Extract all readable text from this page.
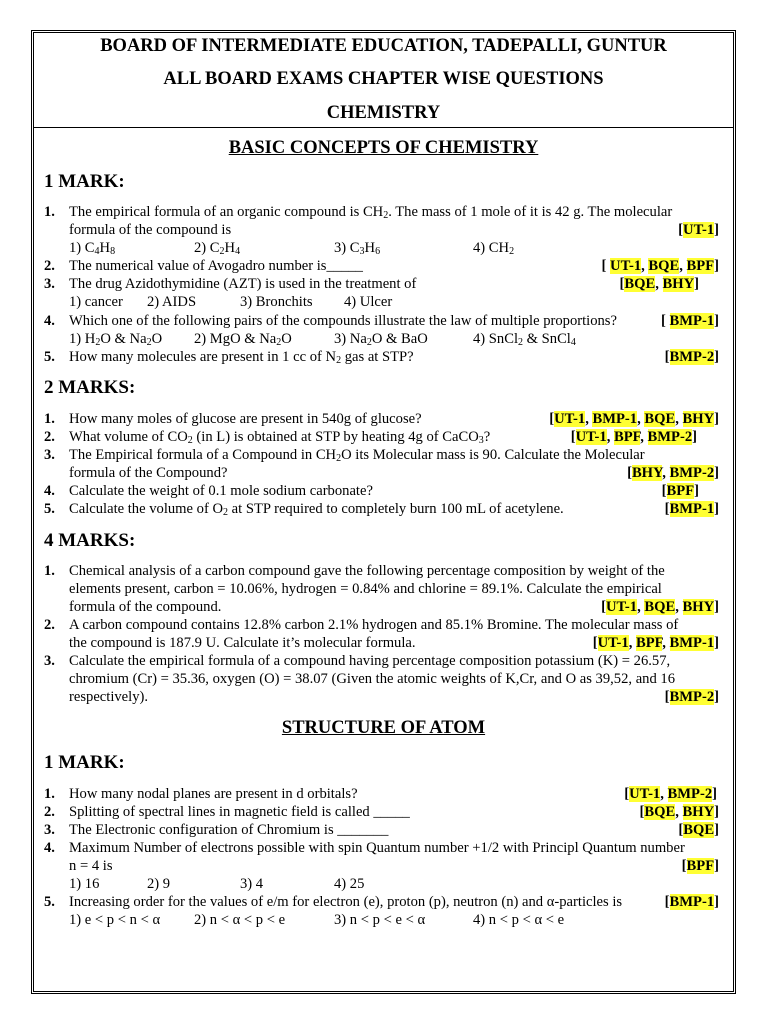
BOARD OF INTERMEDIATE EDUCATION, TADEPALLI, GUNTUR
ALL BOARD EXAMS CHAPTER WISE QUESTIONS
CHEMISTRY
BASIC CONCEPTS OF CHEMISTRY
1 MARK:
1. The empirical formula of an organic compound is $CH_2$. The mass of 1 mole of it is 42 g. The molecular
formula of the compound is	[UT-1]
1) $C_4H_8$	2) $C_2H_4$	3) $C_3H_6$	4) $CH_2$
2. The numerical value of Avogadro number is_____	[ UT-1, BQE, BPF]
3. The drug Azidothymidine (AZT) is used in the treatment of	[BQE, BHY]
1) cancer 2) AIDS	3) Bronchits 4) Ulcer
4. Which one of the following pairs of the compounds illustrate the law of multiple proportions?	[ BMP-1]
1) $H_2O$ & $Na_2O$ 2) MgO & $Na_2O$	3) $Na_2O$ & BaO	4) SnCl$_2$ & SnCl$_4$
5. How many molecules are present in 1 cc of $N_2$ gas at STP?	[BMP-2]
2 MARKS:
1. How many moles of glucose are present in 540g of glucose?	[UT-1, BMP-1, BQE, BHY]
2. What volume of $CO_2$ (in L) is obtained at STP by heating 4g of CaCO$_3$?	[UT-1, BPF, BMP-2]
3. The Empirical formula of a Compound in $CH_2O$ its Molecular mass is 90. Calculate the Molecular
formula of the Compound?	[BHY, BMP-2]
4. Calculate the weight of 0.1 mole sodium carbonate?	[BPF]
5. Calculate the volume of $O_2$ at STP required to completely burn 100 mL of acetylene.	[BMP-1]
4 MARKS:
1. Chemical analysis of a carbon compound gave the following percentage composition by weight of the
elements present, carbon = 10.06%, hydrogen = 0.84% and chlorine = 89.1%. Calculate the empirical
formula of the compound.	[UT-1, BQE, BHY]
2. A carbon compound contains 12.8% carbon 2.1% hydrogen and 85.1% Bromine. The molecular mass of
the compound is 187.9 U. Calculate it’s molecular formula.	[UT-1, BPF, BMP-1]
3. Calculate the empirical formula of a compound having percentage composition potassium (K) = 26.57,
chromium (Cr) = 35.36, oxygen (O) = 38.07 (Given the atomic weights of K,Cr, and O as 39,52, and 16
respectively).	[BMP-2]
STRUCTURE OF ATOM
1 MARK:
1. How many nodal planes are present in d orbitals?	[UT-1, BMP-2]
2. Splitting of spectral lines in magnetic field is called _____	[BQE, BHY]
3. The Electronic configuration of Chromium is _______	[BQE]
4. Maximum Number of electrons possible with spin Quantum number +1/2 with Principl Quantum number
n = 4 is	[BPF]
1) 16	2) 9	3) 4	4) 25
5. Increasing order for the values of e/m for electron (e), proton (p), neutron (n) and α-particles is	[BMP-1]
1) e < p < n < α 2) n < α < p < e	3) n < p < e < α	4) n < p < α < e
